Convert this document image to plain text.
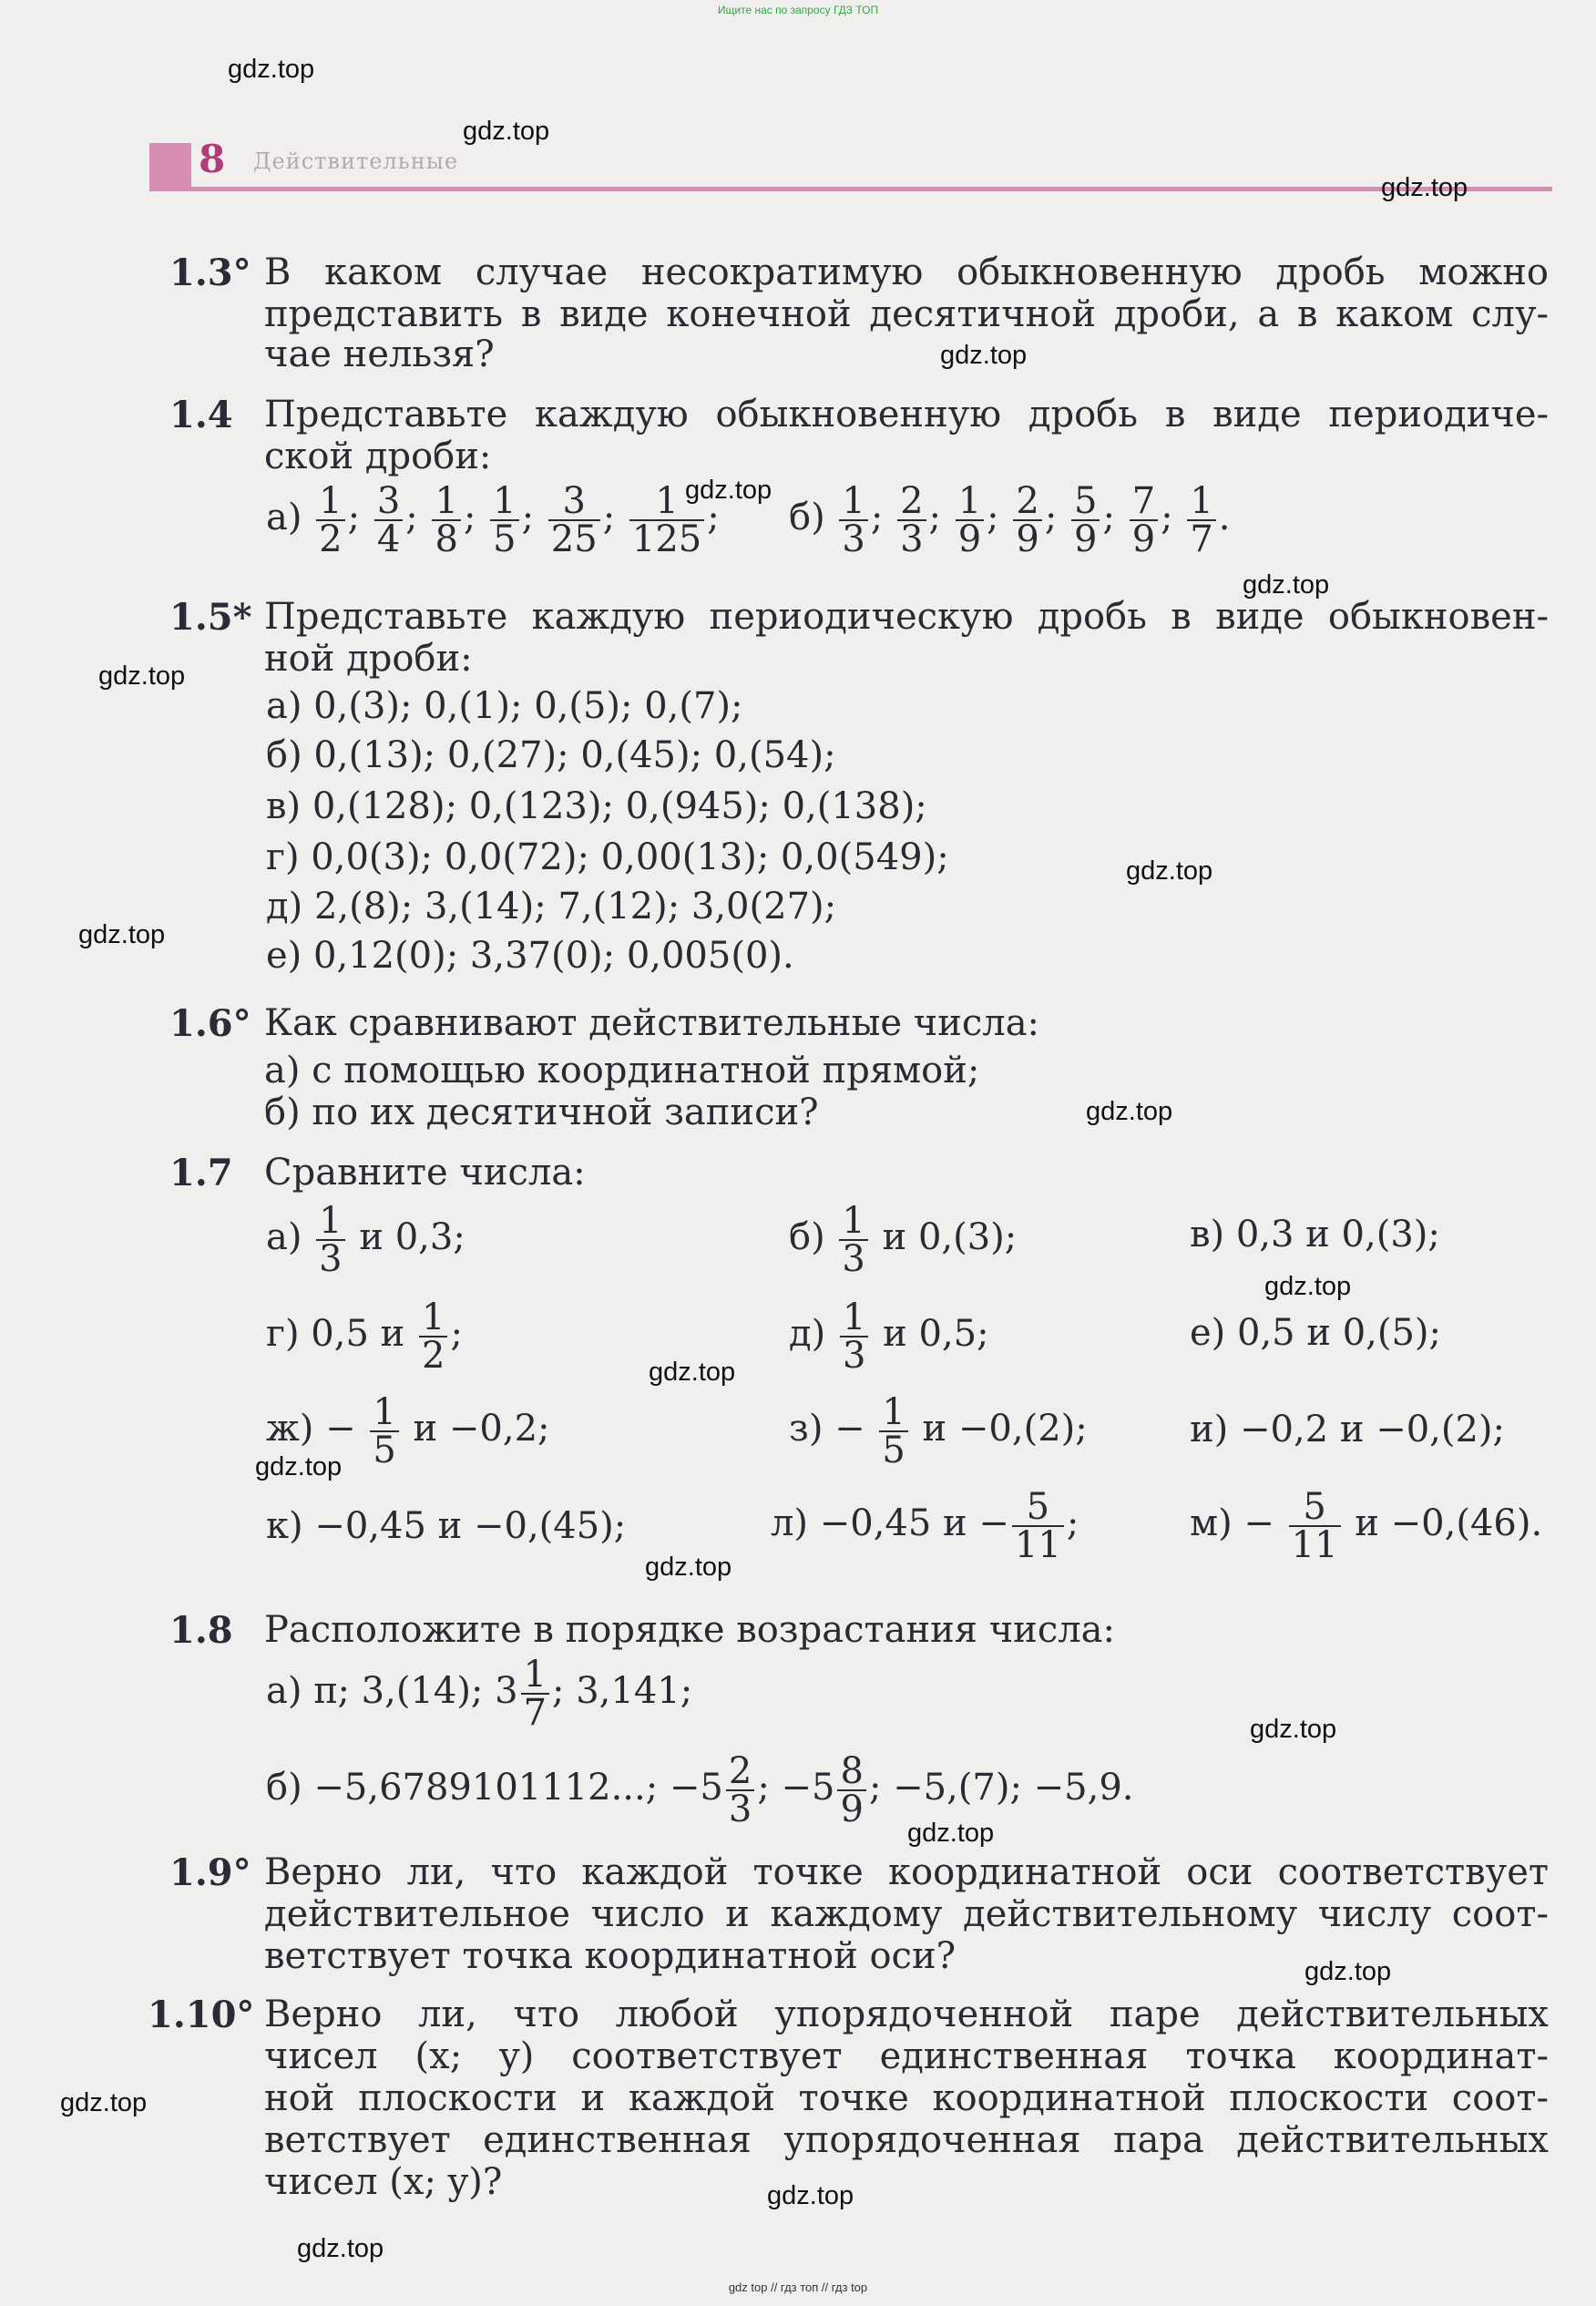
Ищите нас по запросу ГДЗ ТОП
8 Действительные
1.3° В каком случае несократимую обыкновенную дробь можно
представить в виде конечной десятичной дроби, а в каком слу-
чае нельзя?
1.4 Представьте каждую обыкновенную дробь в виде периодиче-
ской дроби:
$а) \frac{1}{2}$ ; $\frac{3}{4}$ ; $\frac{1}{8}$ ; $\frac{1}{5}$ ; $\frac{3}{25}$ ; $\frac{1}{125}$ ; $б) \frac{1}{3}$ ; $\frac{2}{3}$ ; $\frac{1}{9}$ ; $\frac{2}{9}$ ; $\frac{5}{9}$ ; $\frac{7}{9}$ ; $\frac{1}{7}$ .
1.5* Представьте каждую периодическую дробь в виде обыкновен-
ной дроби:
а) 0,(3); 0,(1); 0,(5); 0,(7);
б) 0,(13); 0,(27); 0,(45); 0,(54);
в) 0,(128); 0,(123); 0,(945); 0,(138);
г) 0,0(3); 0,0(72); 0,00(13); 0,0(549);
д) 2,(8); 3,(14); 7,(12); 3,0(27);
е) 0,12(0); 3,37(0); 0,005(0).
1.6° Как сравнивают действительные числа:
а) с помощью координатной прямой;
б) по их десятичной записи?
1.7 Сравните числа:
$а) \frac{1}{3}$ и 0,3;	$б) \frac{1}{3}$ и 0,(3);	в) 0,3 и 0,(3);
г) 0,5 и $\frac{1}{2}$ ;	$д) \frac{1}{3}$ и 0,5;	е) 0,5 и 0,(5);
$ж) - \frac{1}{5}$ и −0,2;	$з) - \frac{1}{5}$ и −0,(2);	и) −0,2 и −0,(2);
к) −0,45 и −0,(45);	л) −0,45 $и - \frac{5}{11}$ ;	$м) - \frac{5}{11}$ и −0,(46).
1.8 Расположите в порядке возрастания числа:
а) π; 3,(14); $3 \frac{1}{7}$ ; 3,141;
б) −5,6789101112...; $-5 \frac{2}{3}$ ; $-5 \frac{8}{9}$ ; −5,(7); −5,9.
1.9° Верно ли, что каждой точке координатной оси соответствует
действительное число и каждому действительному числу соот-
ветствует точка координатной оси?
1.10° Верно ли, что любой упорядоченной паре действительных
чисел (x; y) соответствует единственная точка координат-
ной плоскости и каждой точке координатной плоскости соот-
ветствует единственная упорядоченная пара действительных
чисел (x; y)?
gdz.top
gdz.top
gdz.top
gdz.top
gdz.top
gdz.top
gdz.top
gdz.top
gdz.top
gdz.top
gdz.top
gdz.top
gdz.top
gdz.top
gdz.top
gdz.top
gdz.top
gdz.top
gdz.top
gdz.top
gdz top // гдз топ // гдз top
